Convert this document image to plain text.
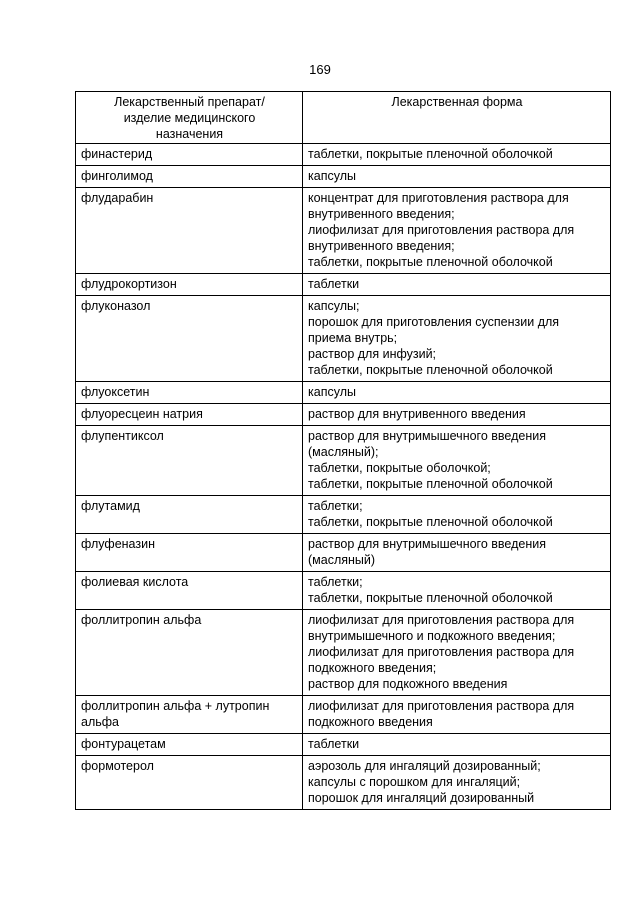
169
Лекарственный препарат/
изделие медицинского
назначения	Лекарственная форма

финастерид	таблетки, покрытые пленочной оболочкой

финголимод	капсулы

флударабин	концентрат для приготовления раствора для
внутривенного введения;
лиофилизат для приготовления раствора для
внутривенного введения;
таблетки, покрытые пленочной оболочкой

флудрокортизон	таблетки

флуконазол	капсулы;
порошок для приготовления суспензии для
приема внутрь;
раствор для инфузий;
таблетки, покрытые пленочной оболочкой

флуоксетин	капсулы

флуоресцеин натрия	раствор для внутривенного введения

флупентиксол	раствор для внутримышечного введения
(масляный);
таблетки, покрытые оболочкой;
таблетки, покрытые пленочной оболочкой

флутамид	таблетки;
таблетки, покрытые пленочной оболочкой

флуфеназин	раствор для внутримышечного введения
(масляный)

фолиевая кислота	таблетки;
таблетки, покрытые пленочной оболочкой

фоллитропин альфа	лиофилизат для приготовления раствора для
внутримышечного и подкожного введения;
лиофилизат для приготовления раствора для
подкожного введения;
раствор для подкожного введения

фоллитропин альфа + лутропин
альфа	лиофилизат для приготовления раствора для
подкожного введения

фонтурацетам	таблетки

формотерол	аэрозоль для ингаляций дозированный;
капсулы с порошком для ингаляций;
порошок для ингаляций дозированный
